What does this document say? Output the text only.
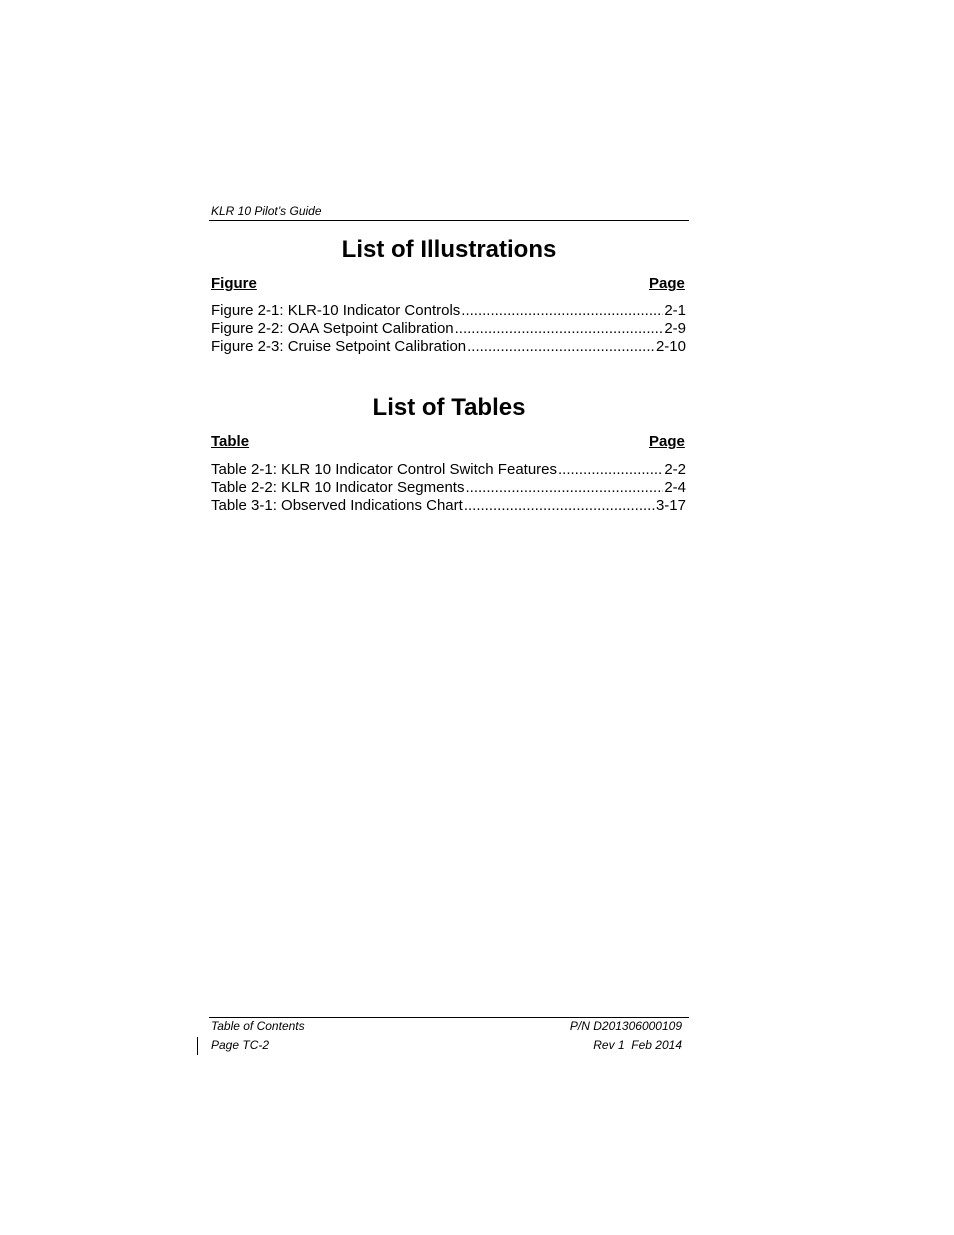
KLR 10 Pilot’s Guide
List of Illustrations
Figure	Page
Figure 2-1: KLR-10 Indicator Controls .....	2-1
Figure 2-2: OAA Setpoint Calibration .....	2-9
Figure 2-3: Cruise Setpoint Calibration .....	2-10
List of Tables
Table	Page
Table 2-1: KLR 10 Indicator Control Switch Features .....	2-2
Table 2-2: KLR 10 Indicator Segments .....	2-4
Table 3-1: Observed Indications Chart .....	3-17
Table of Contents	P/N D201306000109
Page TC-2	Rev 1  Feb 2014
